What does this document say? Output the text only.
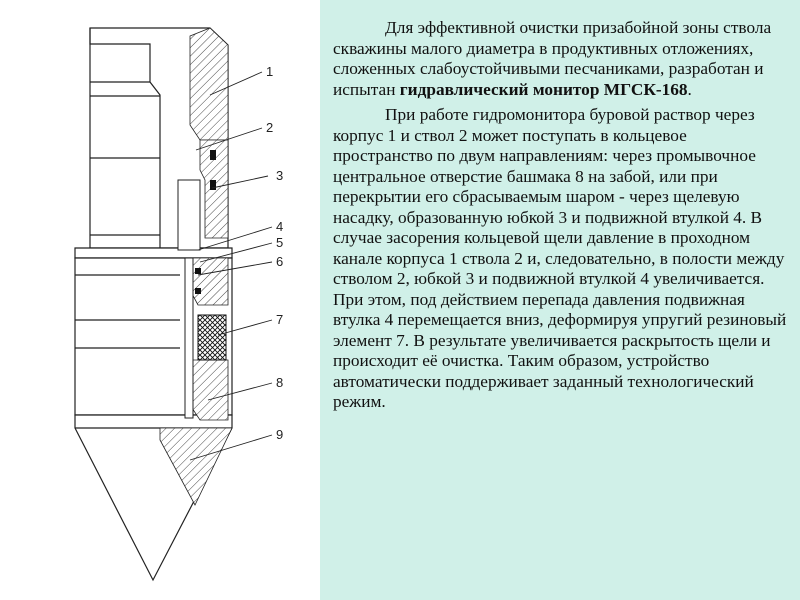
1
2
3
4
5
6
7
8
9

Для эффективной очистки призабойной зоны ствола скважины малого диаметра в продуктивных отложениях, сложенных слабоустойчивыми песчаниками, разработан и испытан гидравлический монитор МГСК-168.

При работе гидромонитора буровой раствор через корпус 1 и ствол 2 может поступать в кольцевое пространство по двум направлениям: через промывочное центральное отверстие башмака 8 на забой, или при перекрытии его сбрасываемым шаром - через щелевую насадку, образованную юбкой 3 и подвижной втулкой 4. В случае засорения кольцевой щели давление в проходном канале корпуса 1 ствола 2 и, следовательно, в полости между стволом 2, юбкой 3 и подвижной втулкой 4 увеличивается. При этом, под действием перепада давления подвижная втулка 4 перемещается вниз, деформируя упругий резиновый элемент 7. В результате увеличивается раскрытость щели и происходит её очистка. Таким образом, устройство автоматически поддерживает заданный технологический режим.
